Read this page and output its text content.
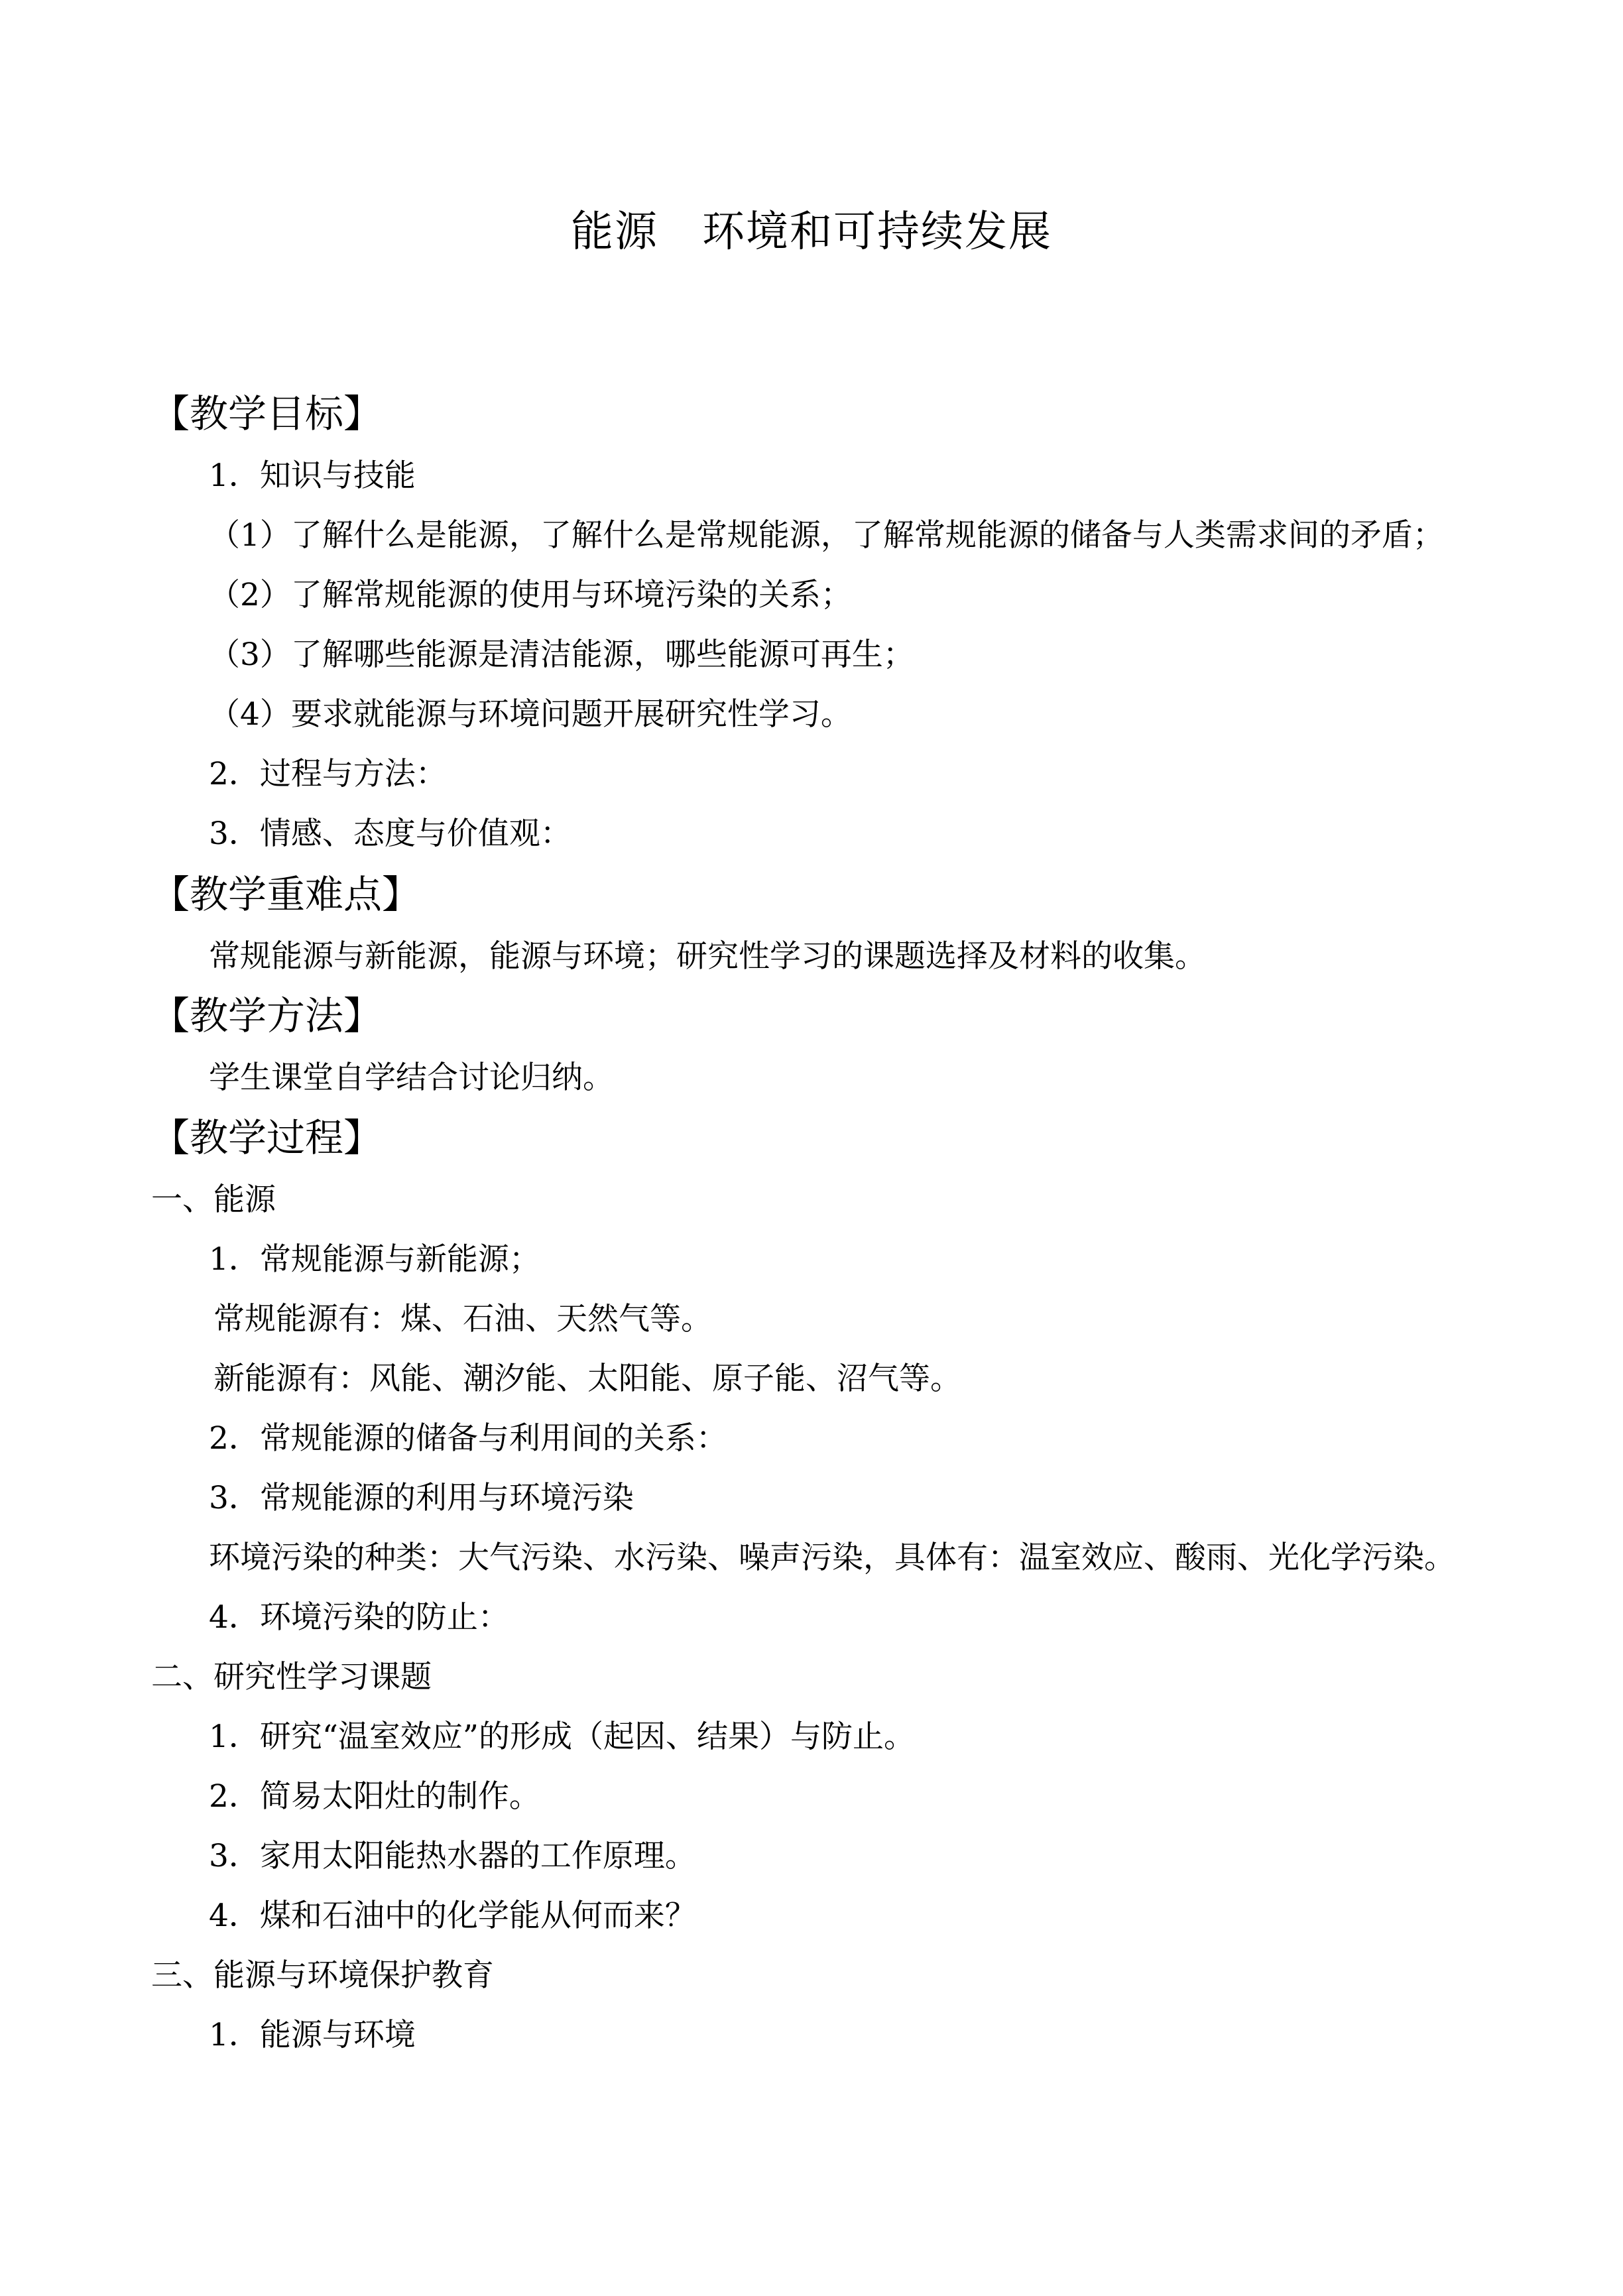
能源　环境和可持续发展
【教学目标】
1．知识与技能
（1）了解什么是能源，了解什么是常规能源，了解常规能源的储备与人类需求间的矛盾；
（2）了解常规能源的使用与环境污染的关系；
（3）了解哪些能源是清洁能源，哪些能源可再生；
（4）要求就能源与环境问题开展研究性学习。
2．过程与方法：
3．情感、态度与价值观：
【教学重难点】
常规能源与新能源，能源与环境；研究性学习的课题选择及材料的收集。
【教学方法】
学生课堂自学结合讨论归纳。
【教学过程】
一、能源
1．常规能源与新能源；
常规能源有：煤、石油、天然气等。
新能源有：风能、潮汐能、太阳能、原子能、沼气等。
2．常规能源的储备与利用间的关系：
3．常规能源的利用与环境污染
环境污染的种类：大气污染、水污染、噪声污染，具体有：温室效应、酸雨、光化学污染。
4．环境污染的防止：
二、研究性学习课题
1．研究“温室效应”的形成（起因、结果）与防止。
2．简易太阳灶的制作。
3．家用太阳能热水器的工作原理。
4．煤和石油中的化学能从何而来？
三、能源与环境保护教育
1．能源与环境
